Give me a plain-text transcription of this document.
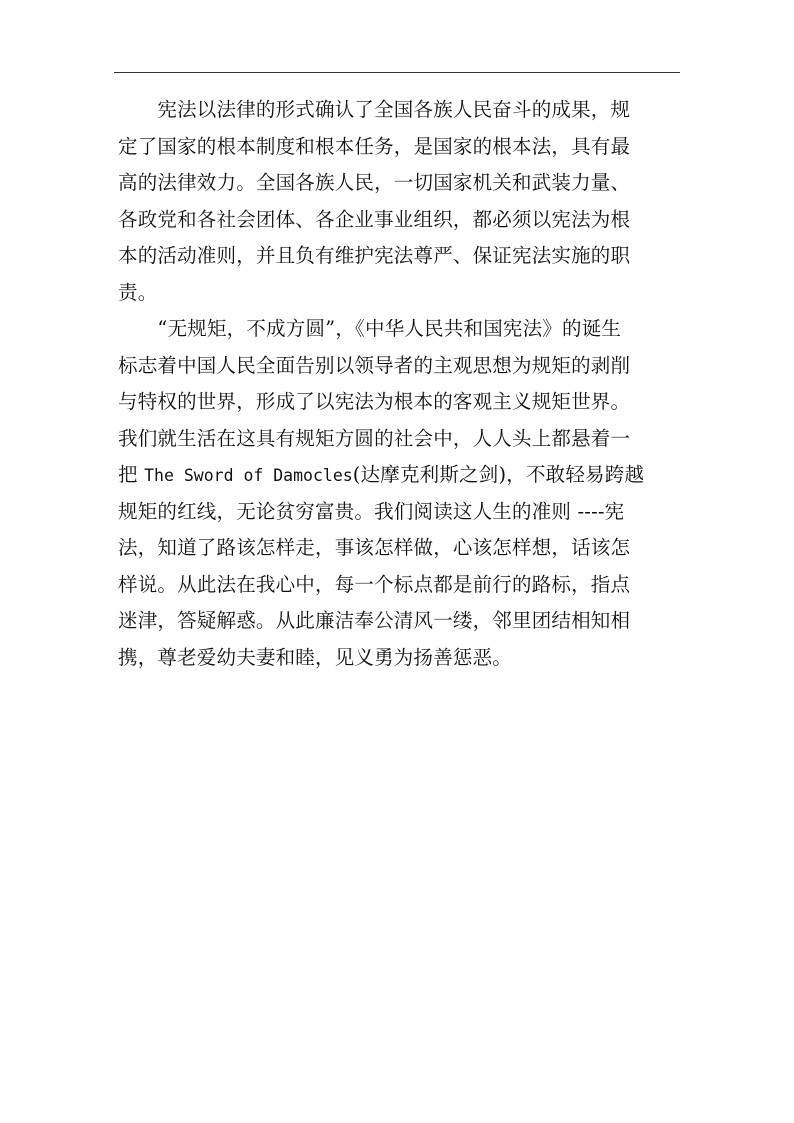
　　宪法以法律的形式确认了全国各族人民奋斗的成果，规
定了国家的根本制度和根本任务，是国家的根本法，具有最
高的法律效力。全国各族人民，一切国家机关和武装力量、
各政党和各社会团体、各企业事业组织，都必须以宪法为根
本的活动准则，并且负有维护宪法尊严、保证宪法实施的职
责。
　　“无规矩，不成方圆”，《中华人民共和国宪法》的诞生
标志着中国人民全面告别以领导者的主观思想为规矩的剥削
与特权的世界，形成了以宪法为根本的客观主义规矩世界。
我们就生活在这具有规矩方圆的社会中，人人头上都悬着一
把 The Sword of Damocles(达摩克利斯之剑)，不敢轻易跨越
规矩的红线，无论贫穷富贵。我们阅读这人生的准则 ----宪
法，知道了路该怎样走，事该怎样做，心该怎样想，话该怎
样说。从此法在我心中，每一个标点都是前行的路标，指点
迷津，答疑解惑。从此廉洁奉公清风一缕，邻里团结相知相
携，尊老爱幼夫妻和睦，见义勇为扬善惩恶。
